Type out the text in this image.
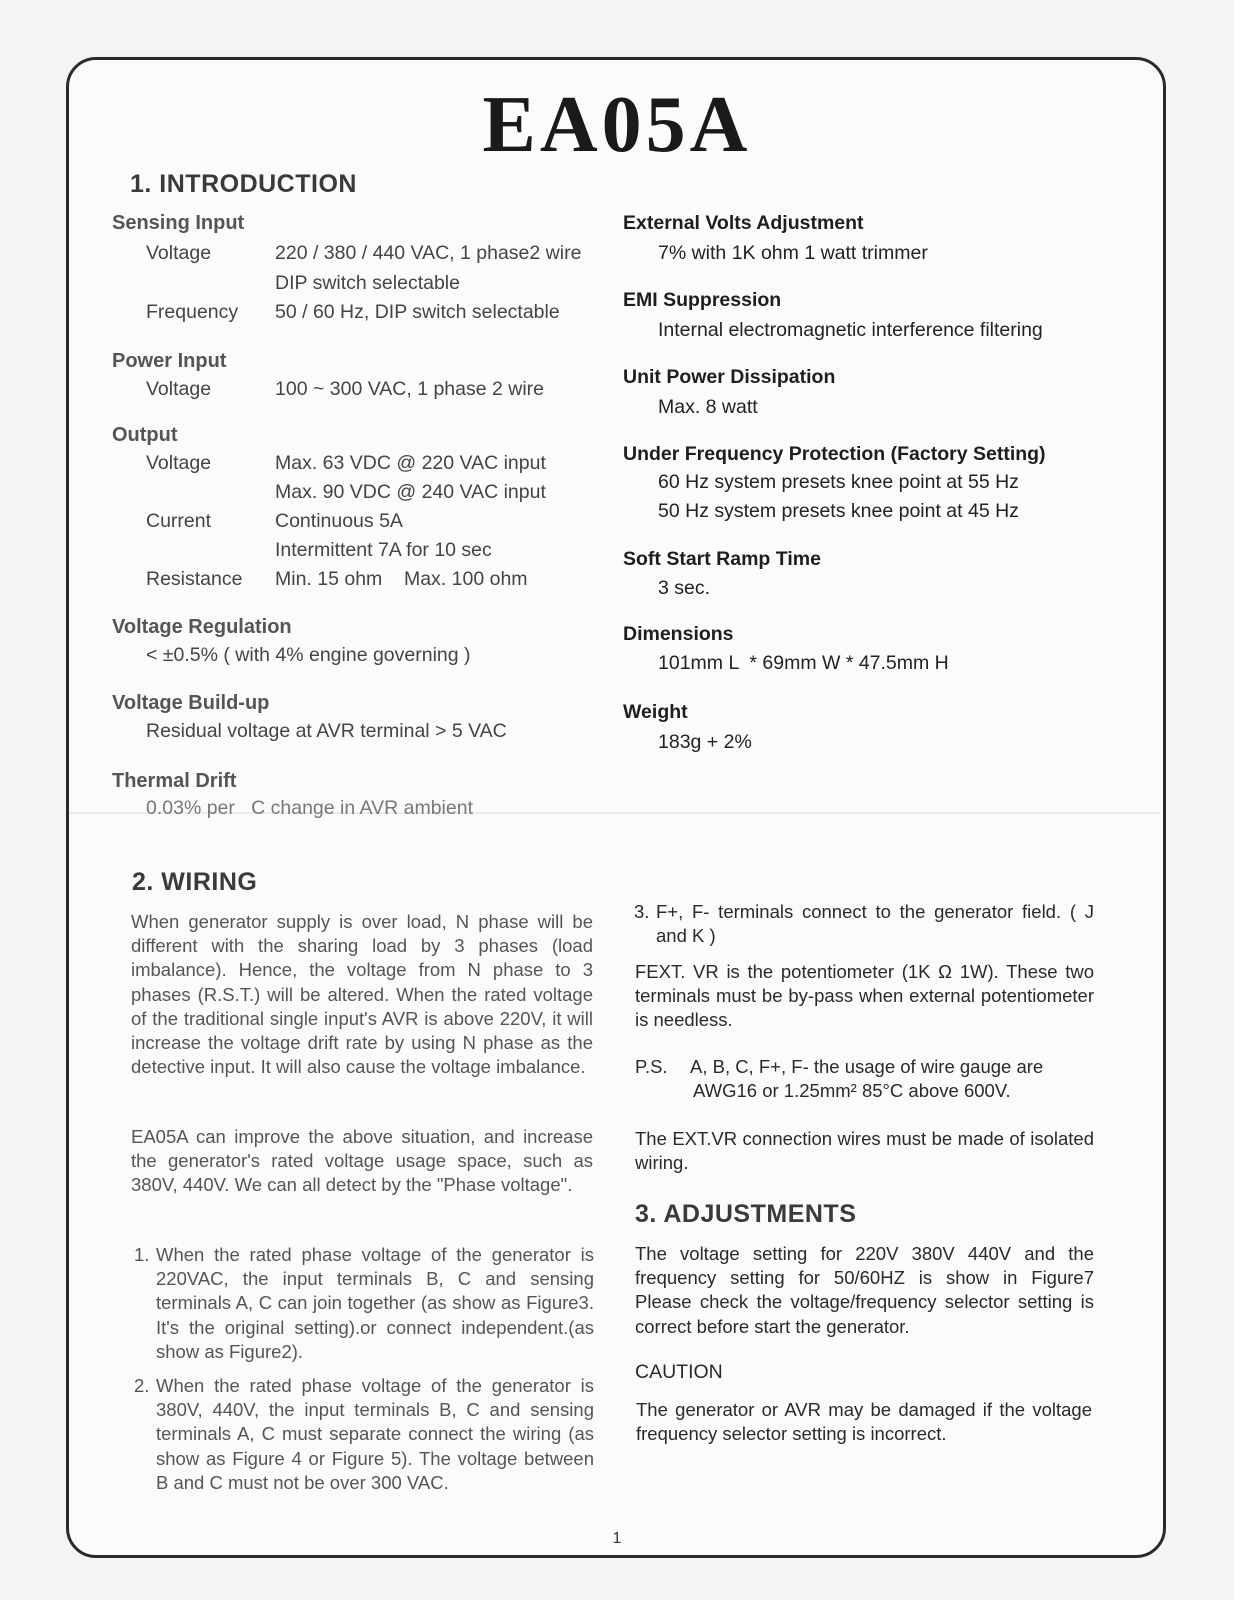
EA05A
1. INTRODUCTION
Sensing Input
Voltage	220 / 380 / 440 VAC, 1 phase2 wire
DIP switch selectable
Frequency 50 / 60 Hz, DIP switch selectable
Power Input
Voltage	100 ~ 300 VAC, 1 phase 2 wire
Output
Voltage	Max. 63 VDC @ 220 VAC input
Max. 90 VDC @ 240 VAC input
Current	Continuous 5A
Intermittent 7A for 10 sec
Resistance Min. 15 ohm    Max. 100 ohm
Voltage Regulation
< ±0.5% ( with 4% engine governing )
Voltage Build-up
Residual voltage at AVR terminal > 5 VAC
Thermal Drift
0.03% per   C change in AVR ambient
External Volts Adjustment
7% with 1K ohm 1 watt trimmer
EMI Suppression
Internal electromagnetic interference filtering
Unit Power Dissipation
Max. 8 watt
Under Frequency Protection (Factory Setting)
60 Hz system presets knee point at 55 Hz
50 Hz system presets knee point at 45 Hz
Soft Start Ramp Time
3 sec.
Dimensions
101mm L  * 69mm W * 47.5mm H
Weight
183g + 2%
2. WIRING

When generator supply is over load, N phase will be different with the sharing load by 3 phases (load imbalance). Hence, the voltage from N phase to 3 phases (R.S.T.) will be altered. When the rated voltage of the traditional single input's AVR is above 220V, it will increase the voltage drift rate by using N phase as the detective input. It will also cause the voltage imbalance.

EA05A can improve the above situation, and increase the generator's rated voltage usage space, such as 380V, 440V. We can all detect by the "Phase voltage".

1. When the rated phase voltage of the generator is 220VAC, the input terminals B, C and sensing terminals A, C can join together (as show as Figure3. It's the original setting).or connect independent.(as show as Figure2).
2. When the rated phase voltage of the generator is 380V, 440V, the input terminals B, C and sensing terminals A, C must separate connect the wiring (as show as Figure 4 or Figure 5). The voltage between B and C must not be over 300 VAC.
3. F+, F- terminals connect to the generator field. ( J and K )

FEXT. VR is the potentiometer (1K Ω 1W). These two terminals must be by-pass when external potentiometer is needless.

P.S. A, B, C, F+, F- the usage of wire gauge are
AWG16 or 1.25mm² 85°C above 600V.

The EXT.VR connection wires must be made of isolated wiring.

3. ADJUSTMENTS

The voltage setting for 220V 380V 440V and the frequency setting for 50/60HZ is show in Figure7 Please check the voltage/frequency selector setting is correct before start the generator.

CAUTION

The generator or AVR may be damaged if the voltage frequency selector setting is incorrect.

1
